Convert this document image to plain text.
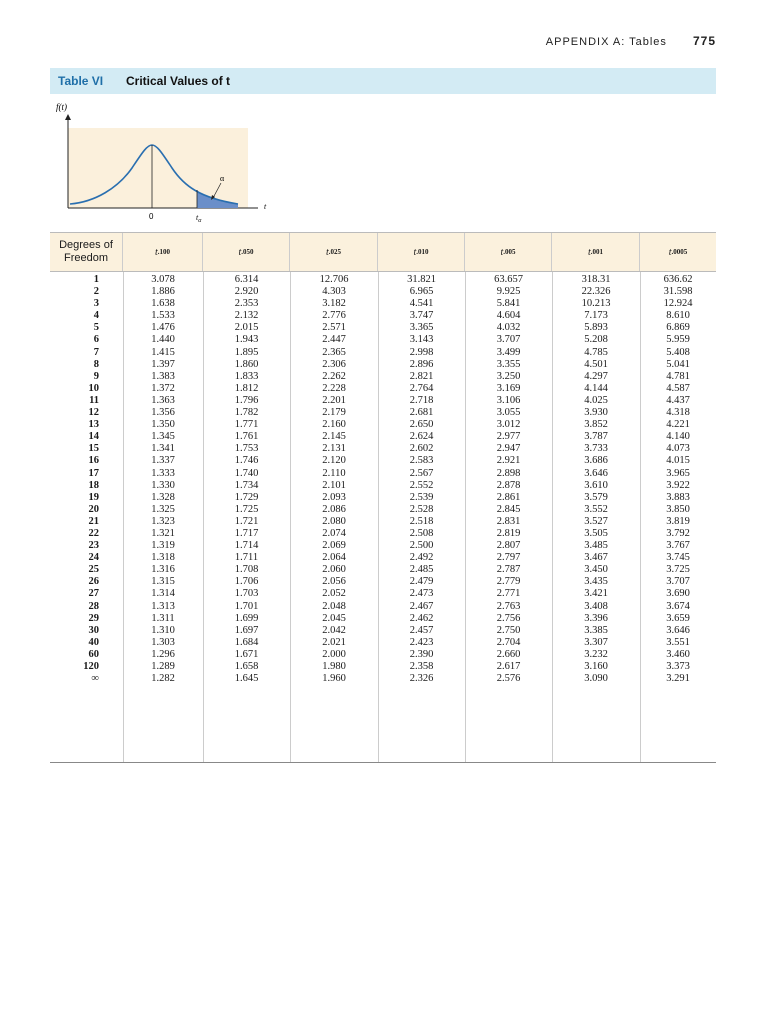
APPENDIX A: Tables 775
Table VI	Critical Values of t
f(t)
t
α
0	$t_\alpha$
Degrees of
Freedom	t .100	t .050	t .025	t .010	t .005	t .001	t .0005
1	3.078	6.314	12.706	31.821	63.657	318.31	636.62
2	1.886	2.920	4.303	6.965	9.925	22.326	31.598
3	1.638	2.353	3.182	4.541	5.841	10.213	12.924
4	1.533	2.132	2.776	3.747	4.604	7.173	8.610
5	1.476	2.015	2.571	3.365	4.032	5.893	6.869
6	1.440	1.943	2.447	3.143	3.707	5.208	5.959
7	1.415	1.895	2.365	2.998	3.499	4.785	5.408
8	1.397	1.860	2.306	2.896	3.355	4.501	5.041
9	1.383	1.833	2.262	2.821	3.250	4.297	4.781
10	1.372	1.812	2.228	2.764	3.169	4.144	4.587
11	1.363	1.796	2.201	2.718	3.106	4.025	4.437
12	1.356	1.782	2.179	2.681	3.055	3.930	4.318
13	1.350	1.771	2.160	2.650	3.012	3.852	4.221
14	1.345	1.761	2.145	2.624	2.977	3.787	4.140
15	1.341	1.753	2.131	2.602	2.947	3.733	4.073
16	1.337	1.746	2.120	2.583	2.921	3.686	4.015
17	1.333	1.740	2.110	2.567	2.898	3.646	3.965
18	1.330	1.734	2.101	2.552	2.878	3.610	3.922
19	1.328	1.729	2.093	2.539	2.861	3.579	3.883
20	1.325	1.725	2.086	2.528	2.845	3.552	3.850
21	1.323	1.721	2.080	2.518	2.831	3.527	3.819
22	1.321	1.717	2.074	2.508	2.819	3.505	3.792
23	1.319	1.714	2.069	2.500	2.807	3.485	3.767
24	1.318	1.711	2.064	2.492	2.797	3.467	3.745
25	1.316	1.708	2.060	2.485	2.787	3.450	3.725
26	1.315	1.706	2.056	2.479	2.779	3.435	3.707
27	1.314	1.703	2.052	2.473	2.771	3.421	3.690
28	1.313	1.701	2.048	2.467	2.763	3.408	3.674
29	1.311	1.699	2.045	2.462	2.756	3.396	3.659
30	1.310	1.697	2.042	2.457	2.750	3.385	3.646
40	1.303	1.684	2.021	2.423	2.704	3.307	3.551
60	1.296	1.671	2.000	2.390	2.660	3.232	3.460
120	1.289	1.658	1.980	2.358	2.617	3.160	3.373
∞	1.282	1.645	1.960	2.326	2.576	3.090	3.291
